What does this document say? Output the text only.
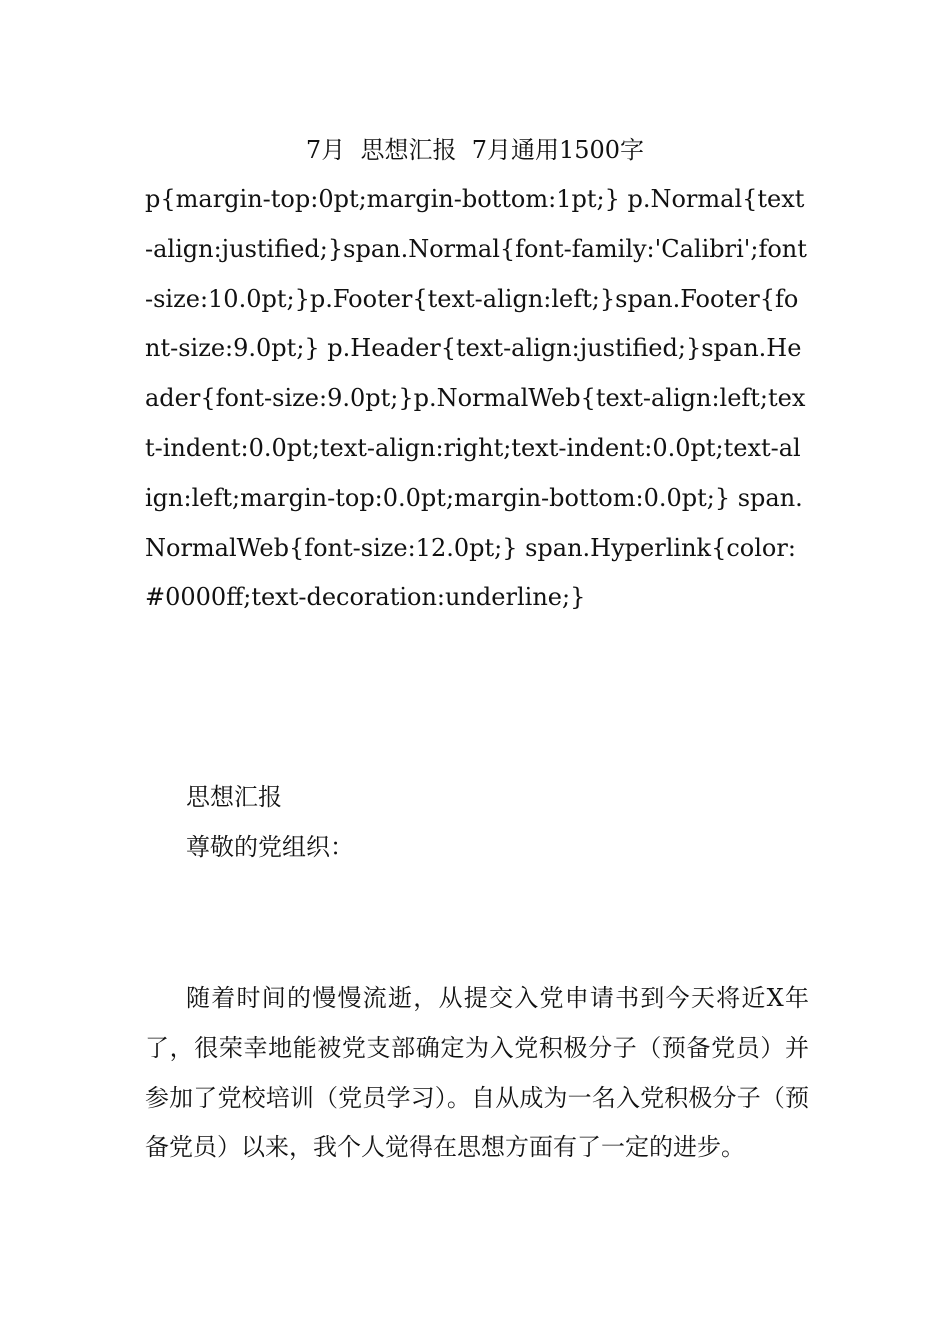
7月  思想汇报  7月通用1500字

p{margin-top:0pt;margin-bottom:1pt;} p.Normal{text-align:justified;}span.Normal{font-family:'Calibri';font-size:10.0pt;}p.Footer{text-align:left;}span.Footer{font-size:9.0pt;} p.Header{text-align:justified;}span.Header{font-size:9.0pt;}p.NormalWeb{text-align:left;text-indent:0.0pt;text-align:right;text-indent:0.0pt;text-align:left;margin-top:0.0pt;margin-bottom:0.0pt;} span.NormalWeb{font-size:12.0pt;} span.Hyperlink{color:#0000ff;text-decoration:underline;}

思想汇报

尊敬的党组织：

随着时间的慢慢流逝，从提交入党申请书到今天将近X年了，很荣幸地能被党支部确定为入党积极分子（预备党员）并参加了党校培训（党员学习）。自从成为一名入党积极分子（预备党员）以来，我个人觉得在思想方面有了一定的进步。
